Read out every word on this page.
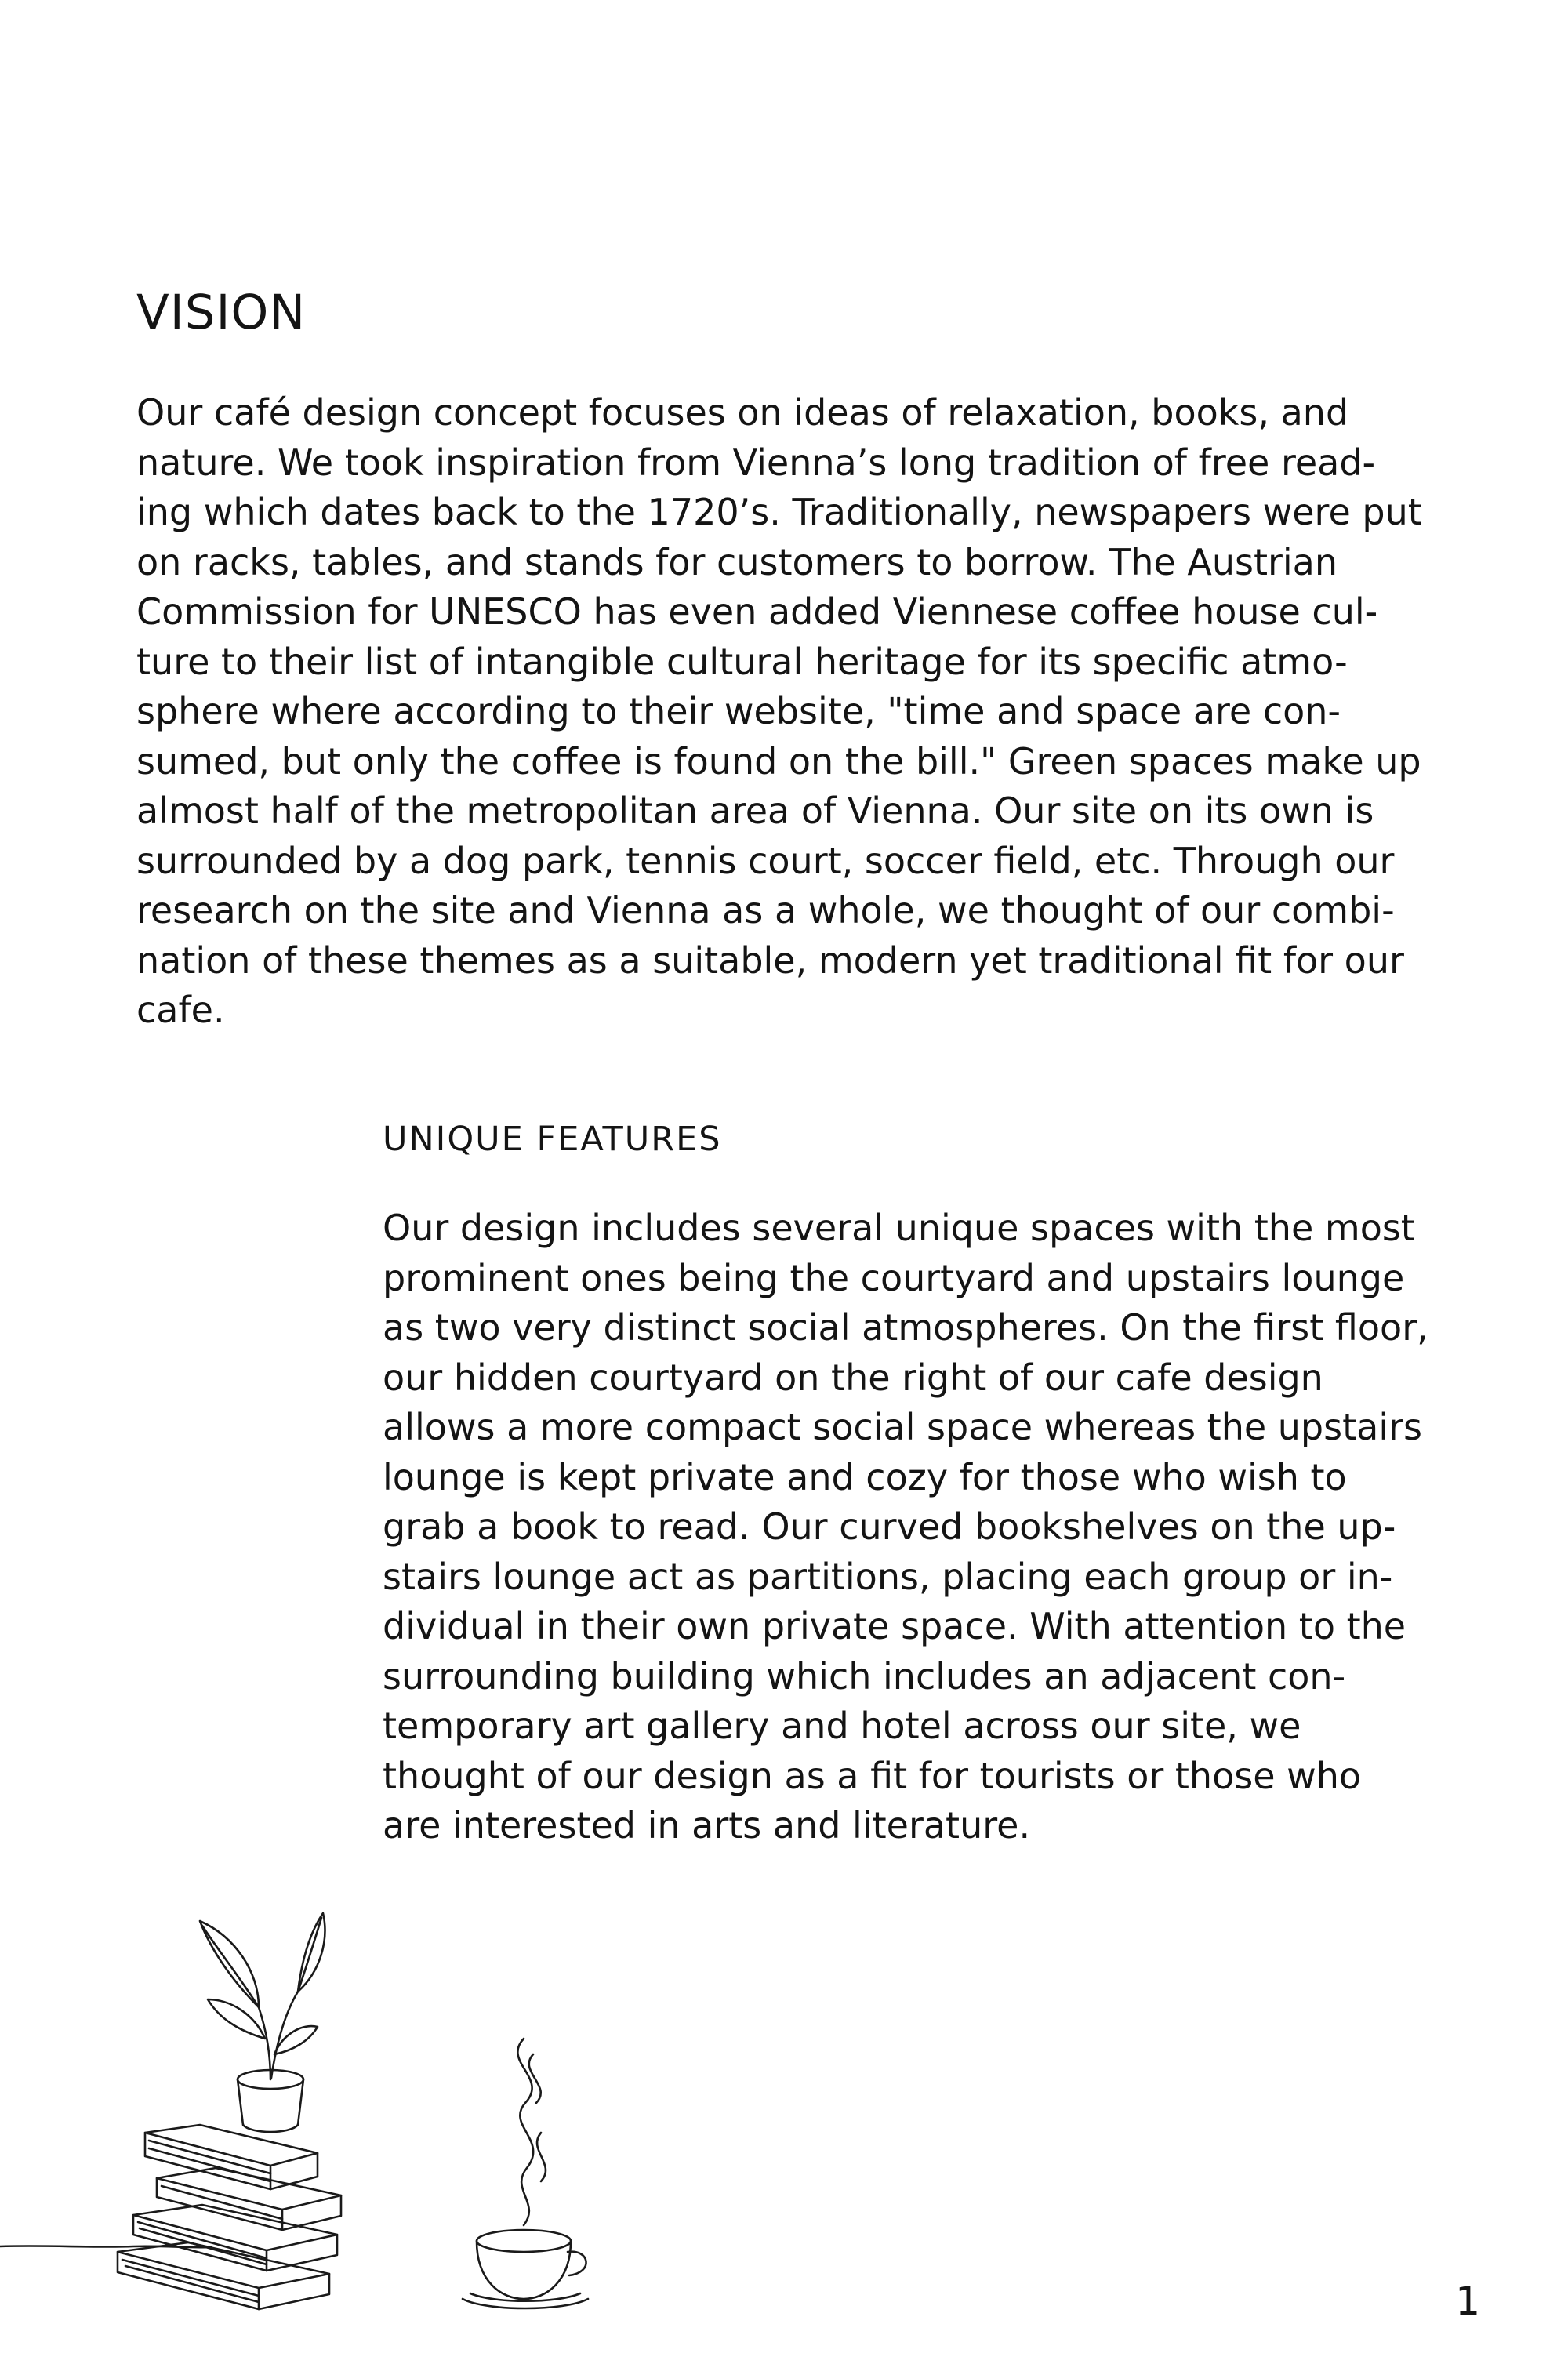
VISION
Our café design concept focuses on ideas of relaxation, books, and
nature. We took inspiration from Vienna’s long tradition of free read-
ing which dates back to the 1720’s. Traditionally, newspapers were put
on racks, tables, and stands for customers to borrow. The Austrian
Commission for UNESCO has even added Viennese coffee house cul-
ture to their list of intangible cultural heritage for its specific atmo-
sphere where according to their website, "time and space are con-
sumed, but only the coffee is found on the bill." Green spaces make up
almost half of the metropolitan area of Vienna. Our site on its own is
surrounded by a dog park, tennis court, soccer field, etc. Through our
research on the site and Vienna as a whole, we thought of our combi-
nation of these themes as a suitable, modern yet traditional fit for our
cafe.
UNIQUE FEATURES
Our design includes several unique spaces with the most
prominent ones being the courtyard and upstairs lounge
as two very distinct social atmospheres. On the first floor,
our hidden courtyard on the right of our cafe design
allows a more compact social space whereas the upstairs
lounge is kept private and cozy for those who wish to
grab a book to read. Our curved bookshelves on the up-
stairs lounge act as partitions, placing each group or in-
dividual in their own private space. With attention to the
surrounding building which includes an adjacent con-
temporary art gallery and hotel across our site, we
thought of our design as a fit for tourists or those who
are interested in arts and literature.
1
